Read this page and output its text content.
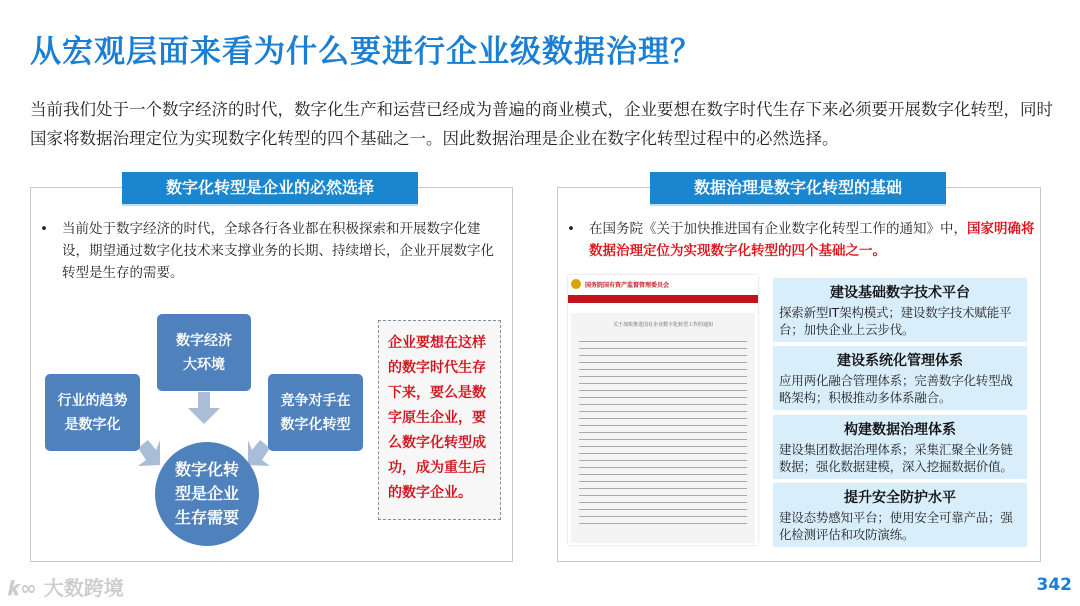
从宏观层面来看为什么要进行企业级数据治理？
当前我们处于一个数字经济的时代，数字化生产和运营已经成为普遍的商业模式，企业要想在数字时代生存下来必须要开展数字化转型，同时国家将数据治理定位为实现数字化转型的四个基础之一。因此数据治理是企业在数字化转型过程中的必然选择。
数字化转型是企业的必然选择
• 当前处于数字经济的时代，全球各行各业都在积极探索和开展数字化建设，期望通过数字化技术来支撑业务的长期、持续增长，企业开展数字化转型是生存的需要。
数字经济
大环境
行业的趋势是数字化
竞争对手在数字化转型
数字化转型是企业生存需要
企业要想在这样的数字时代生存下来，要么是数字原生企业，要么数字化转型成功，成为重生后的数字企业。
数据治理是数字化转型的基础
• 在国务院《关于加快推进国有企业数字化转型工作的通知》中，国家明确将数据治理定位为实现数字化转型的四个基础之一。
国务院国有资产监督管理委员会
关于加快推进国有企业数字化转型工作的通知
建设基础数字技术平台
探索新型IT架构模式；建设数字技术赋能平台；加快企业上云步伐。
建设系统化管理体系
应用两化融合管理体系；完善数字化转型战略架构；积极推动多体系融合。
构建数据治理体系
建设集团数据治理体系；采集汇聚全业务链数据；强化数据建模，深入挖掘数据价值。
提升安全防护水平
建设态势感知平台；使用安全可靠产品；强化检测评估和攻防演练。
𝒌∞ 大数跨境	342
